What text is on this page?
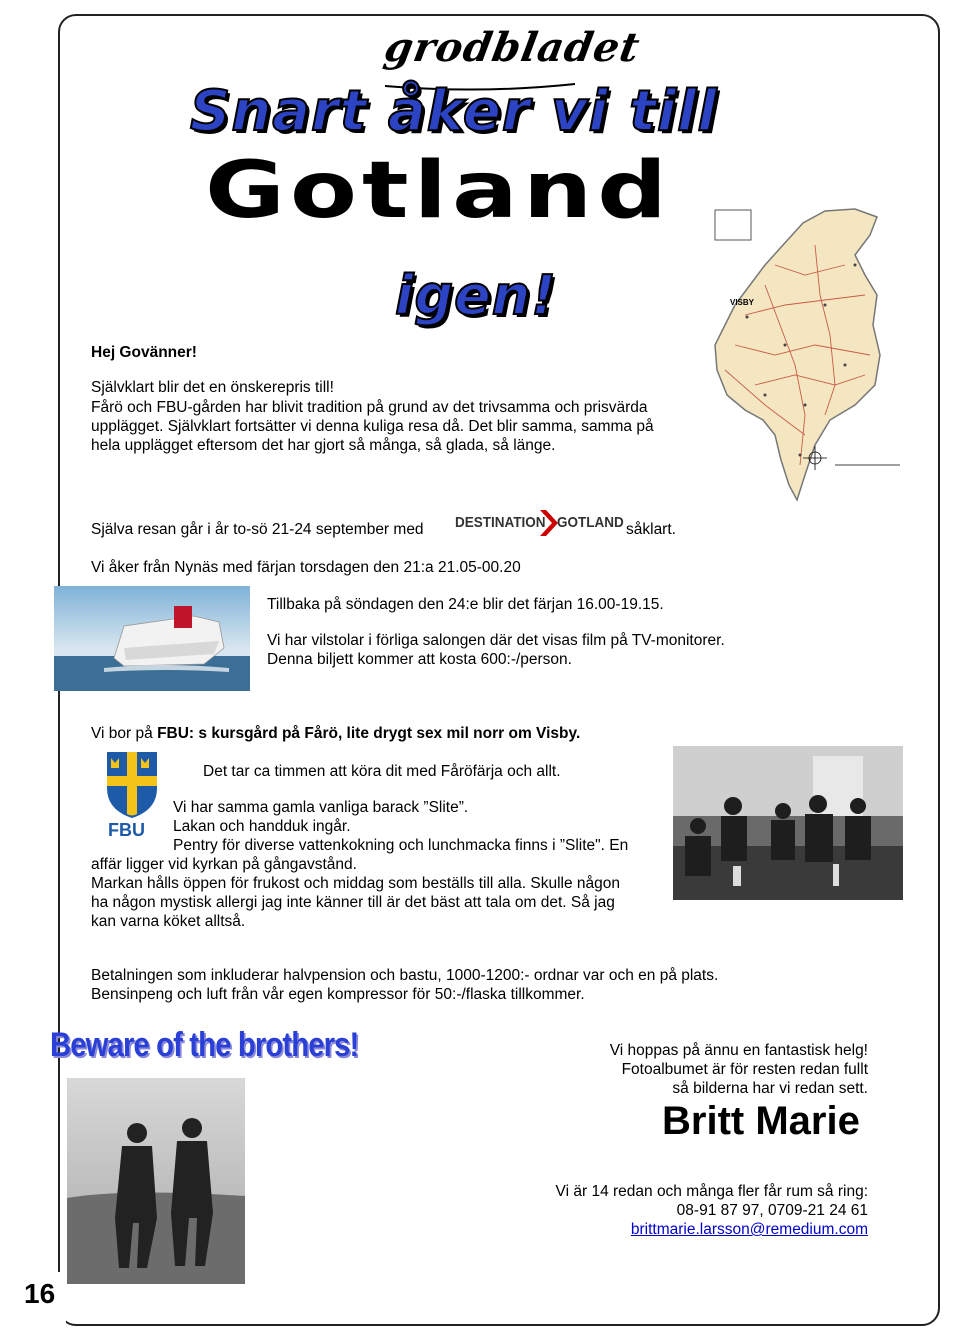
grodbladet
Snart åker vi till
Gotland
igen!	VISBY
Hej Govänner!
Självklart blir det en önskerepris till!
Fårö och FBU-gården har blivit tradition på grund av det trivsamma och prisvärda
upplägget. Självklart fortsätter vi denna kuliga resa då. Det blir samma, samma på
hela upplägget eftersom det har gjort så många, så glada, så länge.
Själva resan går i år to-sö 21-24 september med DESTINATION GOTLAND såklart.
Vi åker från Nynäs med färjan torsdagen den 21:a 21.05-00.20
Tillbaka på söndagen den 24:e blir det färjan 16.00-19.15.
Vi har vilstolar i förliga salongen där det visas film på TV-monitorer.
Denna biljett kommer att kosta 600:-/person.
Vi bor på FBU: s kursgård på Fårö, lite drygt sex mil norr om Visby.
FBU
Det tar ca timmen att köra dit med Fåröfärja och allt.
Vi har samma gamla vanliga barack ”Slite”.
Lakan och handduk ingår.
Pentry för diverse vattenkokning och lunchmacka finns i ”Slite". En
affär ligger vid kyrkan på gångavstånd.
Markan hålls öppen för frukost och middag som beställs till alla. Skulle någon
ha någon mystisk allergi jag inte känner till är det bäst att tala om det. Så jag
kan varna köket alltså.
Betalningen som inkluderar halvpension och bastu, 1000-1200:- ordnar var och en på plats.
Bensinpeng och luft från vår egen kompressor för 50:-/flaska tillkommer.
Beware of the brothers!	Vi hoppas på ännu en fantastisk helg!
Fotoalbumet är för resten redan fullt
så bilderna har vi redan sett.
Britt Marie
Vi är 14 redan och många fler får rum så ring:
08-91 87 97, 0709-21 24 61
brittmarie.larsson@remedium.com
16
